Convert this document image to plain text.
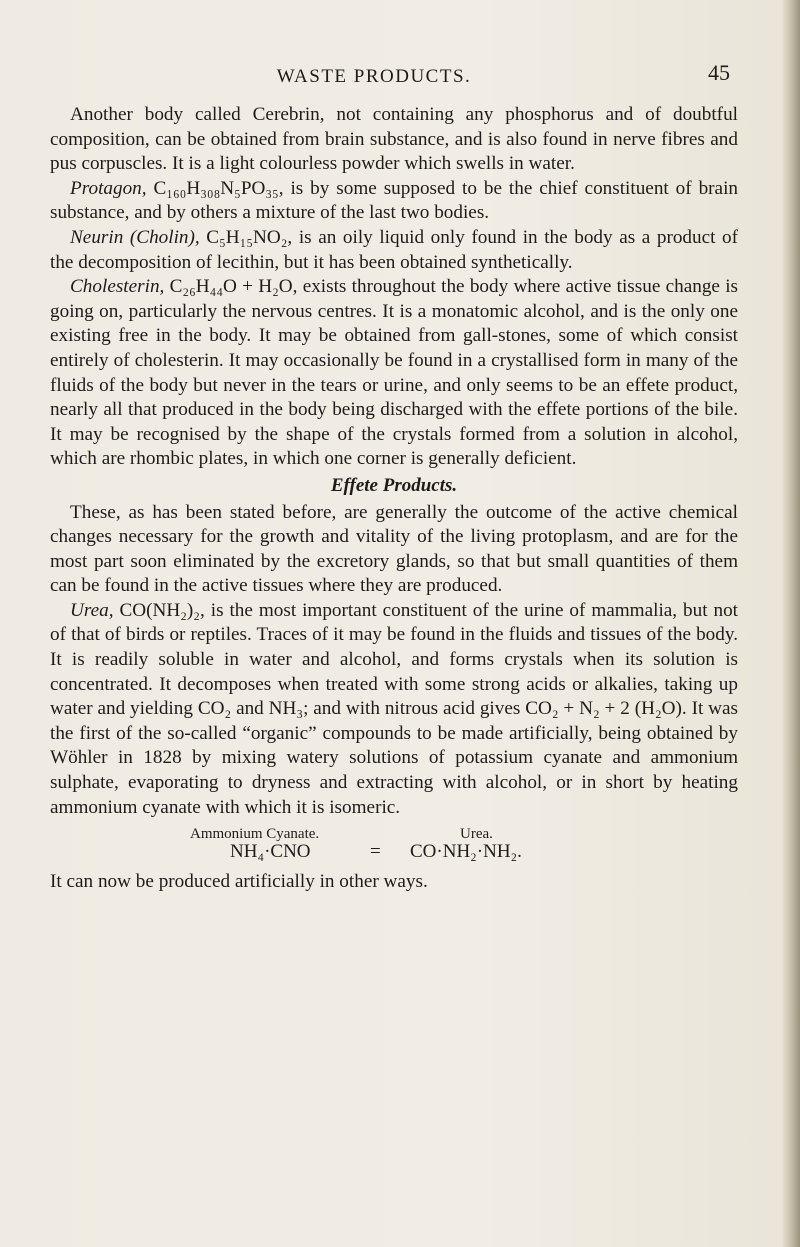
WASTE PRODUCTS.	45

Another body called Cerebrin, not containing any phosphorus and of doubtful composition, can be obtained from brain substance, and is also found in nerve fibres and pus corpuscles. It is a light colourless powder which swells in water.

Protagon, C₁₆₀H₃₀₈N₅PO₃₅, is by some supposed to be the chief constituent of brain substance, and by others a mixture of the last two bodies.

Neurin (Cholin), C₅H₁₅NO₂, is an oily liquid only found in the body as a product of the decomposition of lecithin, but it has been obtained synthetically.

Cholesterin, C₂₆H₄₄O + H₂O, exists throughout the body where active tissue change is going on, particularly the nervous centres. It is a monatomic alcohol, and is the only one existing free in the body. It may be obtained from gall-stones, some of which consist entirely of cholesterin. It may occasionally be found in a crystallised form in many of the fluids of the body but never in the tears or urine, and only seems to be an effete product, nearly all that produced in the body being discharged with the effete portions of the bile. It may be recognised by the shape of the crystals formed from a solution in alcohol, which are rhombic plates, in which one corner is generally deficient.

Effete Products.

These, as has been stated before, are generally the outcome of the active chemical changes necessary for the growth and vitality of the living protoplasm, and are for the most part soon eliminated by the excretory glands, so that but small quantities of them can be found in the active tissues where they are produced.

Urea, CO(NH₂)₂, is the most important constituent of the urine of mammalia, but not of that of birds or reptiles. Traces of it may be found in the fluids and tissues of the body. It is readily soluble in water and alcohol, and forms crystals when its solution is concentrated. It decomposes when treated with some strong acids or alkalies, taking up water and yielding CO₂ and NH₃; and with nitrous acid gives CO₂ + N₂ + 2 (H₂O). It was the first of the so-called “organic” compounds to be made artificially, being obtained by Wöhler in 1828 by mixing watery solutions of potassium cyanate and ammonium sulphate, evaporating to dryness and extracting with alcohol, or in short by heating ammonium cyanate with which it is isomeric.

Ammonium Cyanate.	Urea.
NH₄·CNO	= CO·NH₂·NH₂.

It can now be produced artificially in other ways.
